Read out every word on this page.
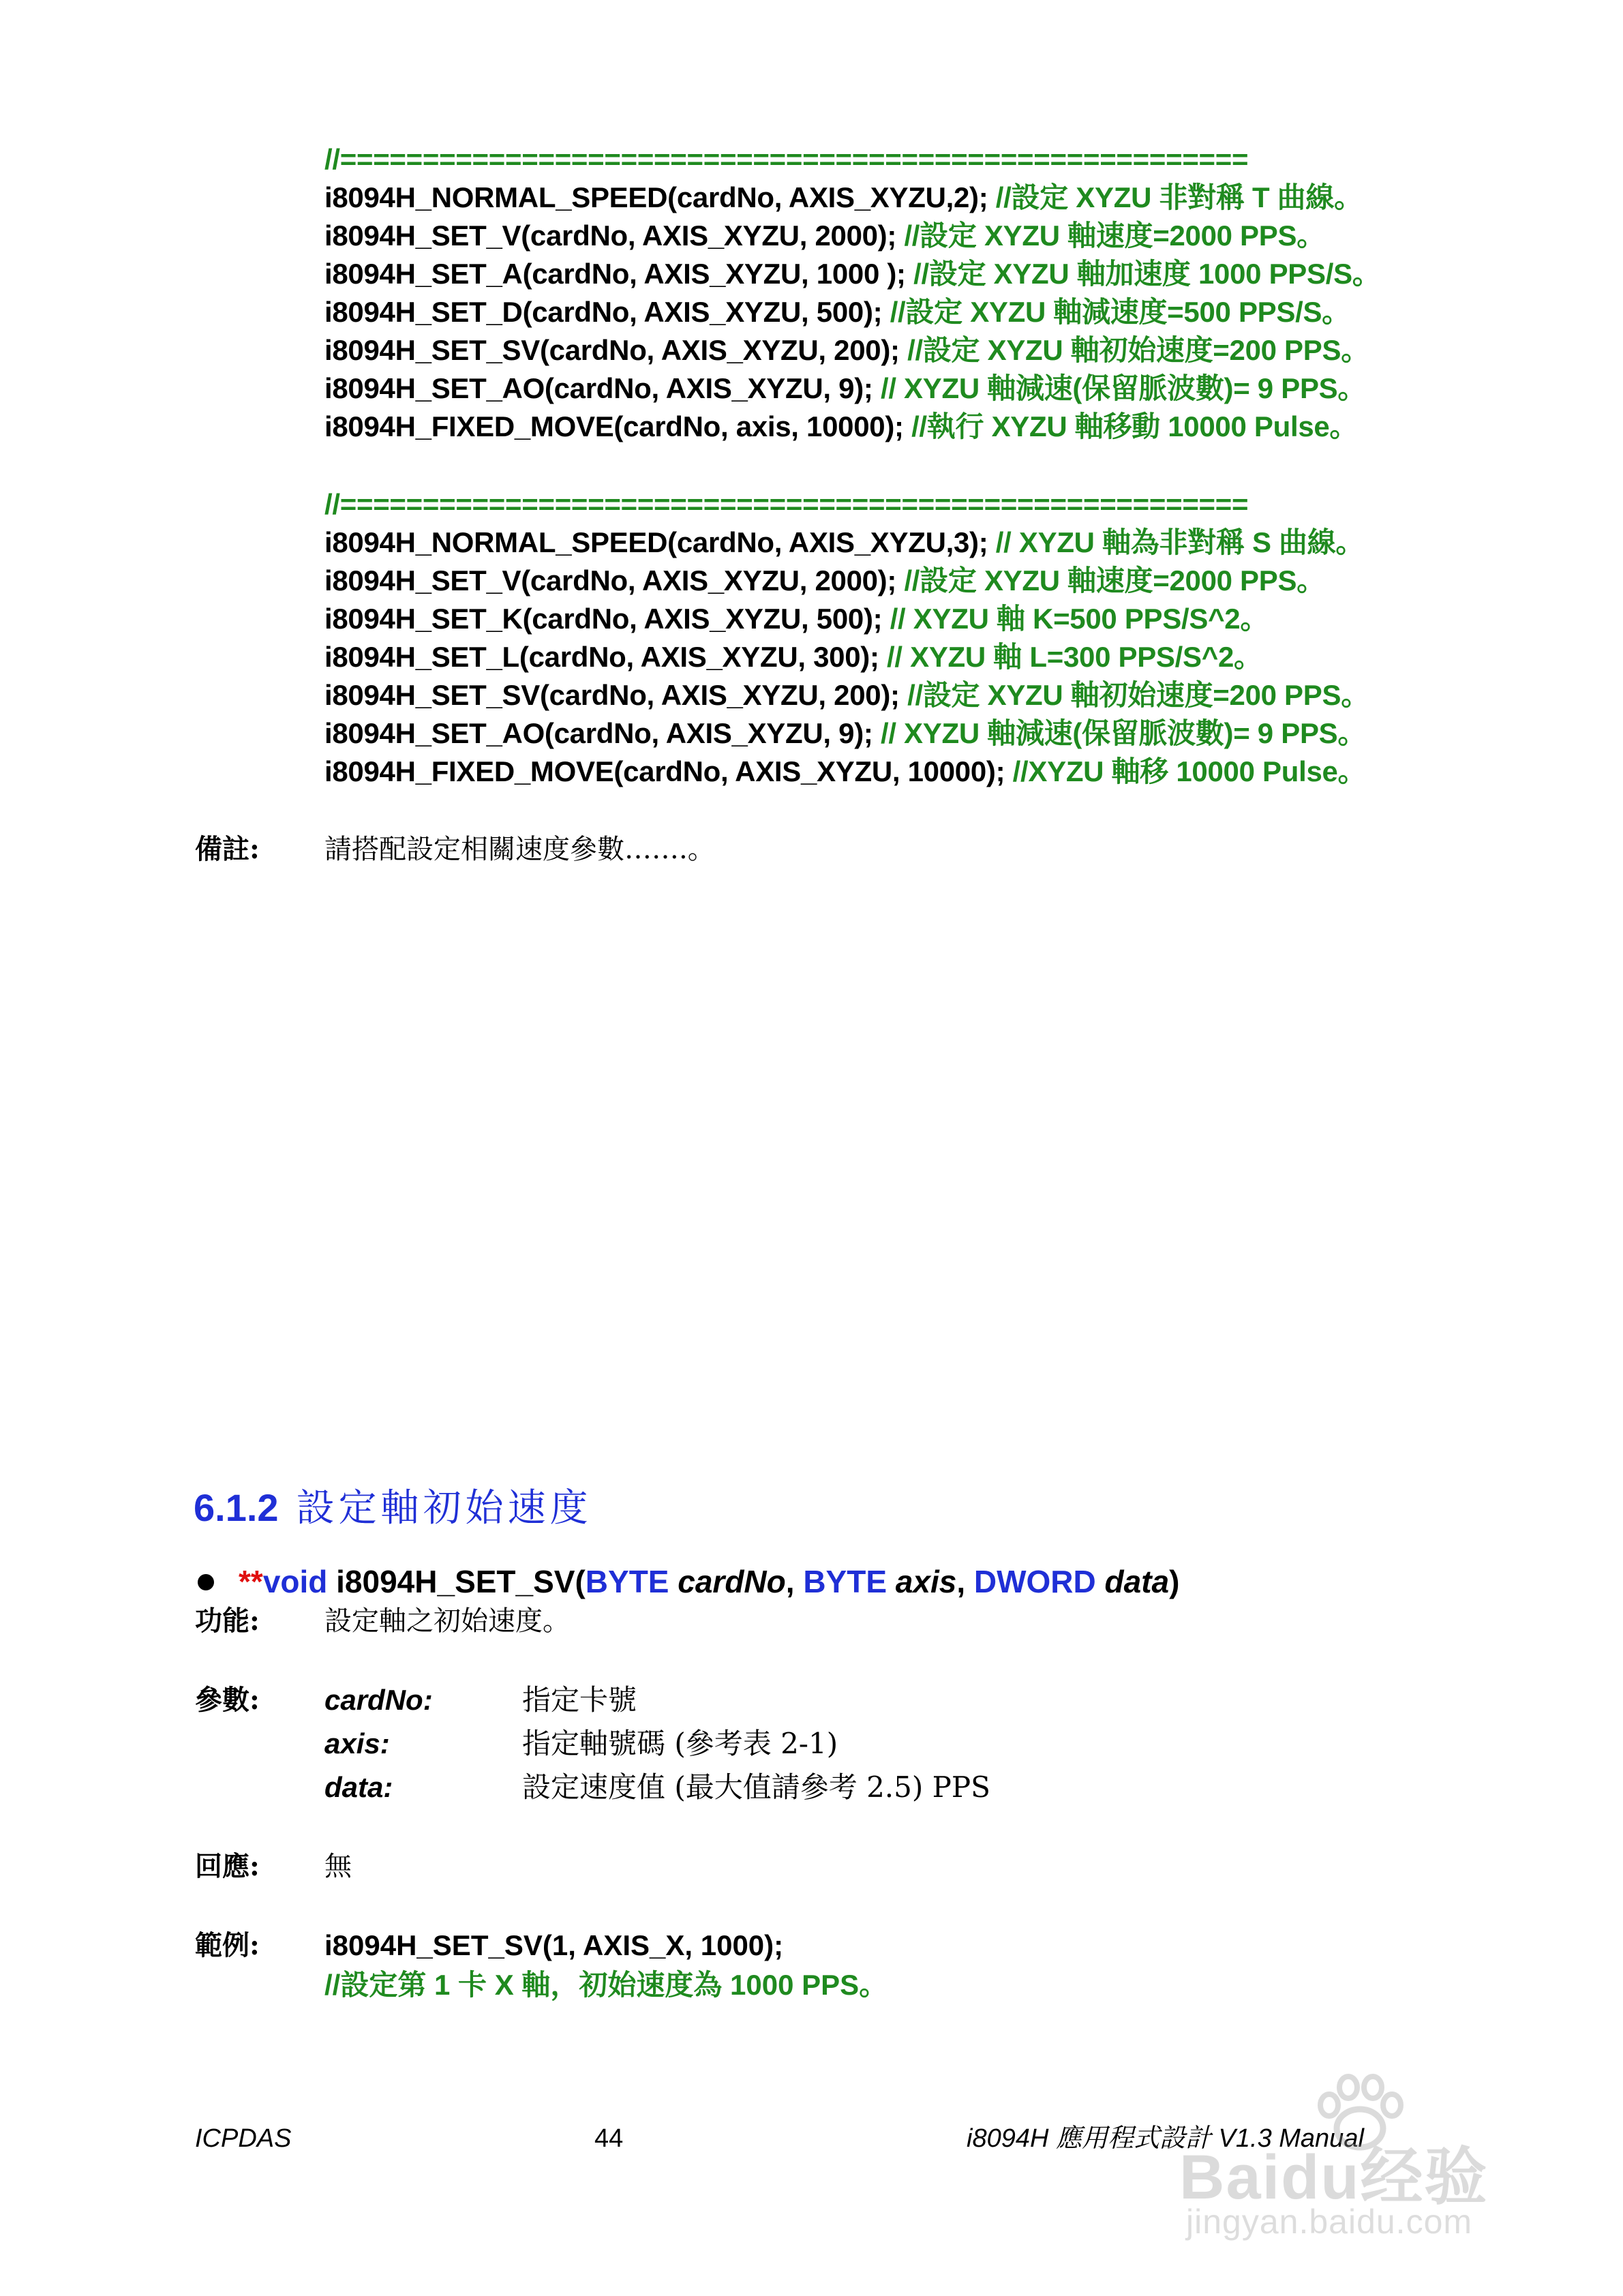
//=======================================================
i8094H_NORMAL_SPEED(cardNo, AXIS_XYZU,2); //設定 XYZU 非對稱 T 曲線。
i8094H_SET_V(cardNo, AXIS_XYZU, 2000); //設定 XYZU 軸速度=2000 PPS。
i8094H_SET_A(cardNo, AXIS_XYZU, 1000 ); //設定 XYZU 軸加速度 1000 PPS/S。
i8094H_SET_D(cardNo, AXIS_XYZU, 500); //設定 XYZU 軸減速度=500 PPS/S。
i8094H_SET_SV(cardNo, AXIS_XYZU, 200); //設定 XYZU 軸初始速度=200 PPS。
i8094H_SET_AO(cardNo, AXIS_XYZU, 9); // XYZU 軸減速(保留脈波數)= 9 PPS。
i8094H_FIXED_MOVE(cardNo, axis, 10000); //執行 XYZU 軸移動 10000 Pulse。
//=======================================================
i8094H_NORMAL_SPEED(cardNo, AXIS_XYZU,3); // XYZU 軸為非對稱 S 曲線。
i8094H_SET_V(cardNo, AXIS_XYZU, 2000); //設定 XYZU 軸速度=2000 PPS。
i8094H_SET_K(cardNo, AXIS_XYZU, 500); // XYZU 軸 K=500 PPS/S^2。
i8094H_SET_L(cardNo, AXIS_XYZU, 300); // XYZU 軸 L=300 PPS/S^2。
i8094H_SET_SV(cardNo, AXIS_XYZU, 200); //設定 XYZU 軸初始速度=200 PPS。
i8094H_SET_AO(cardNo, AXIS_XYZU, 9); // XYZU 軸減速(保留脈波數)= 9 PPS。
i8094H_FIXED_MOVE(cardNo, AXIS_XYZU, 10000); //XYZU 軸移 10000 Pulse。
備註: 請搭配設定相關速度參數…….。
6.1.2 設定軸初始速度
**void i8094H_SET_SV(BYTE cardNo, BYTE axis, DWORD data)
功能: 設定軸之初始速度。
參數: cardNo:	指定卡號
axis:	指定軸號碼 (參考表 2-1)
data:	設定速度值 (最大值請參考 2.5) PPS
回應: 無
範例: i8094H_SET_SV(1, AXIS_X, 1000);
//設定第 1 卡 X 軸，初始速度為 1000 PPS。
ICPDAS	44	i8094H 應用程式設計 V1.3 Manual
Baidu经验
jingyan.baidu.com
